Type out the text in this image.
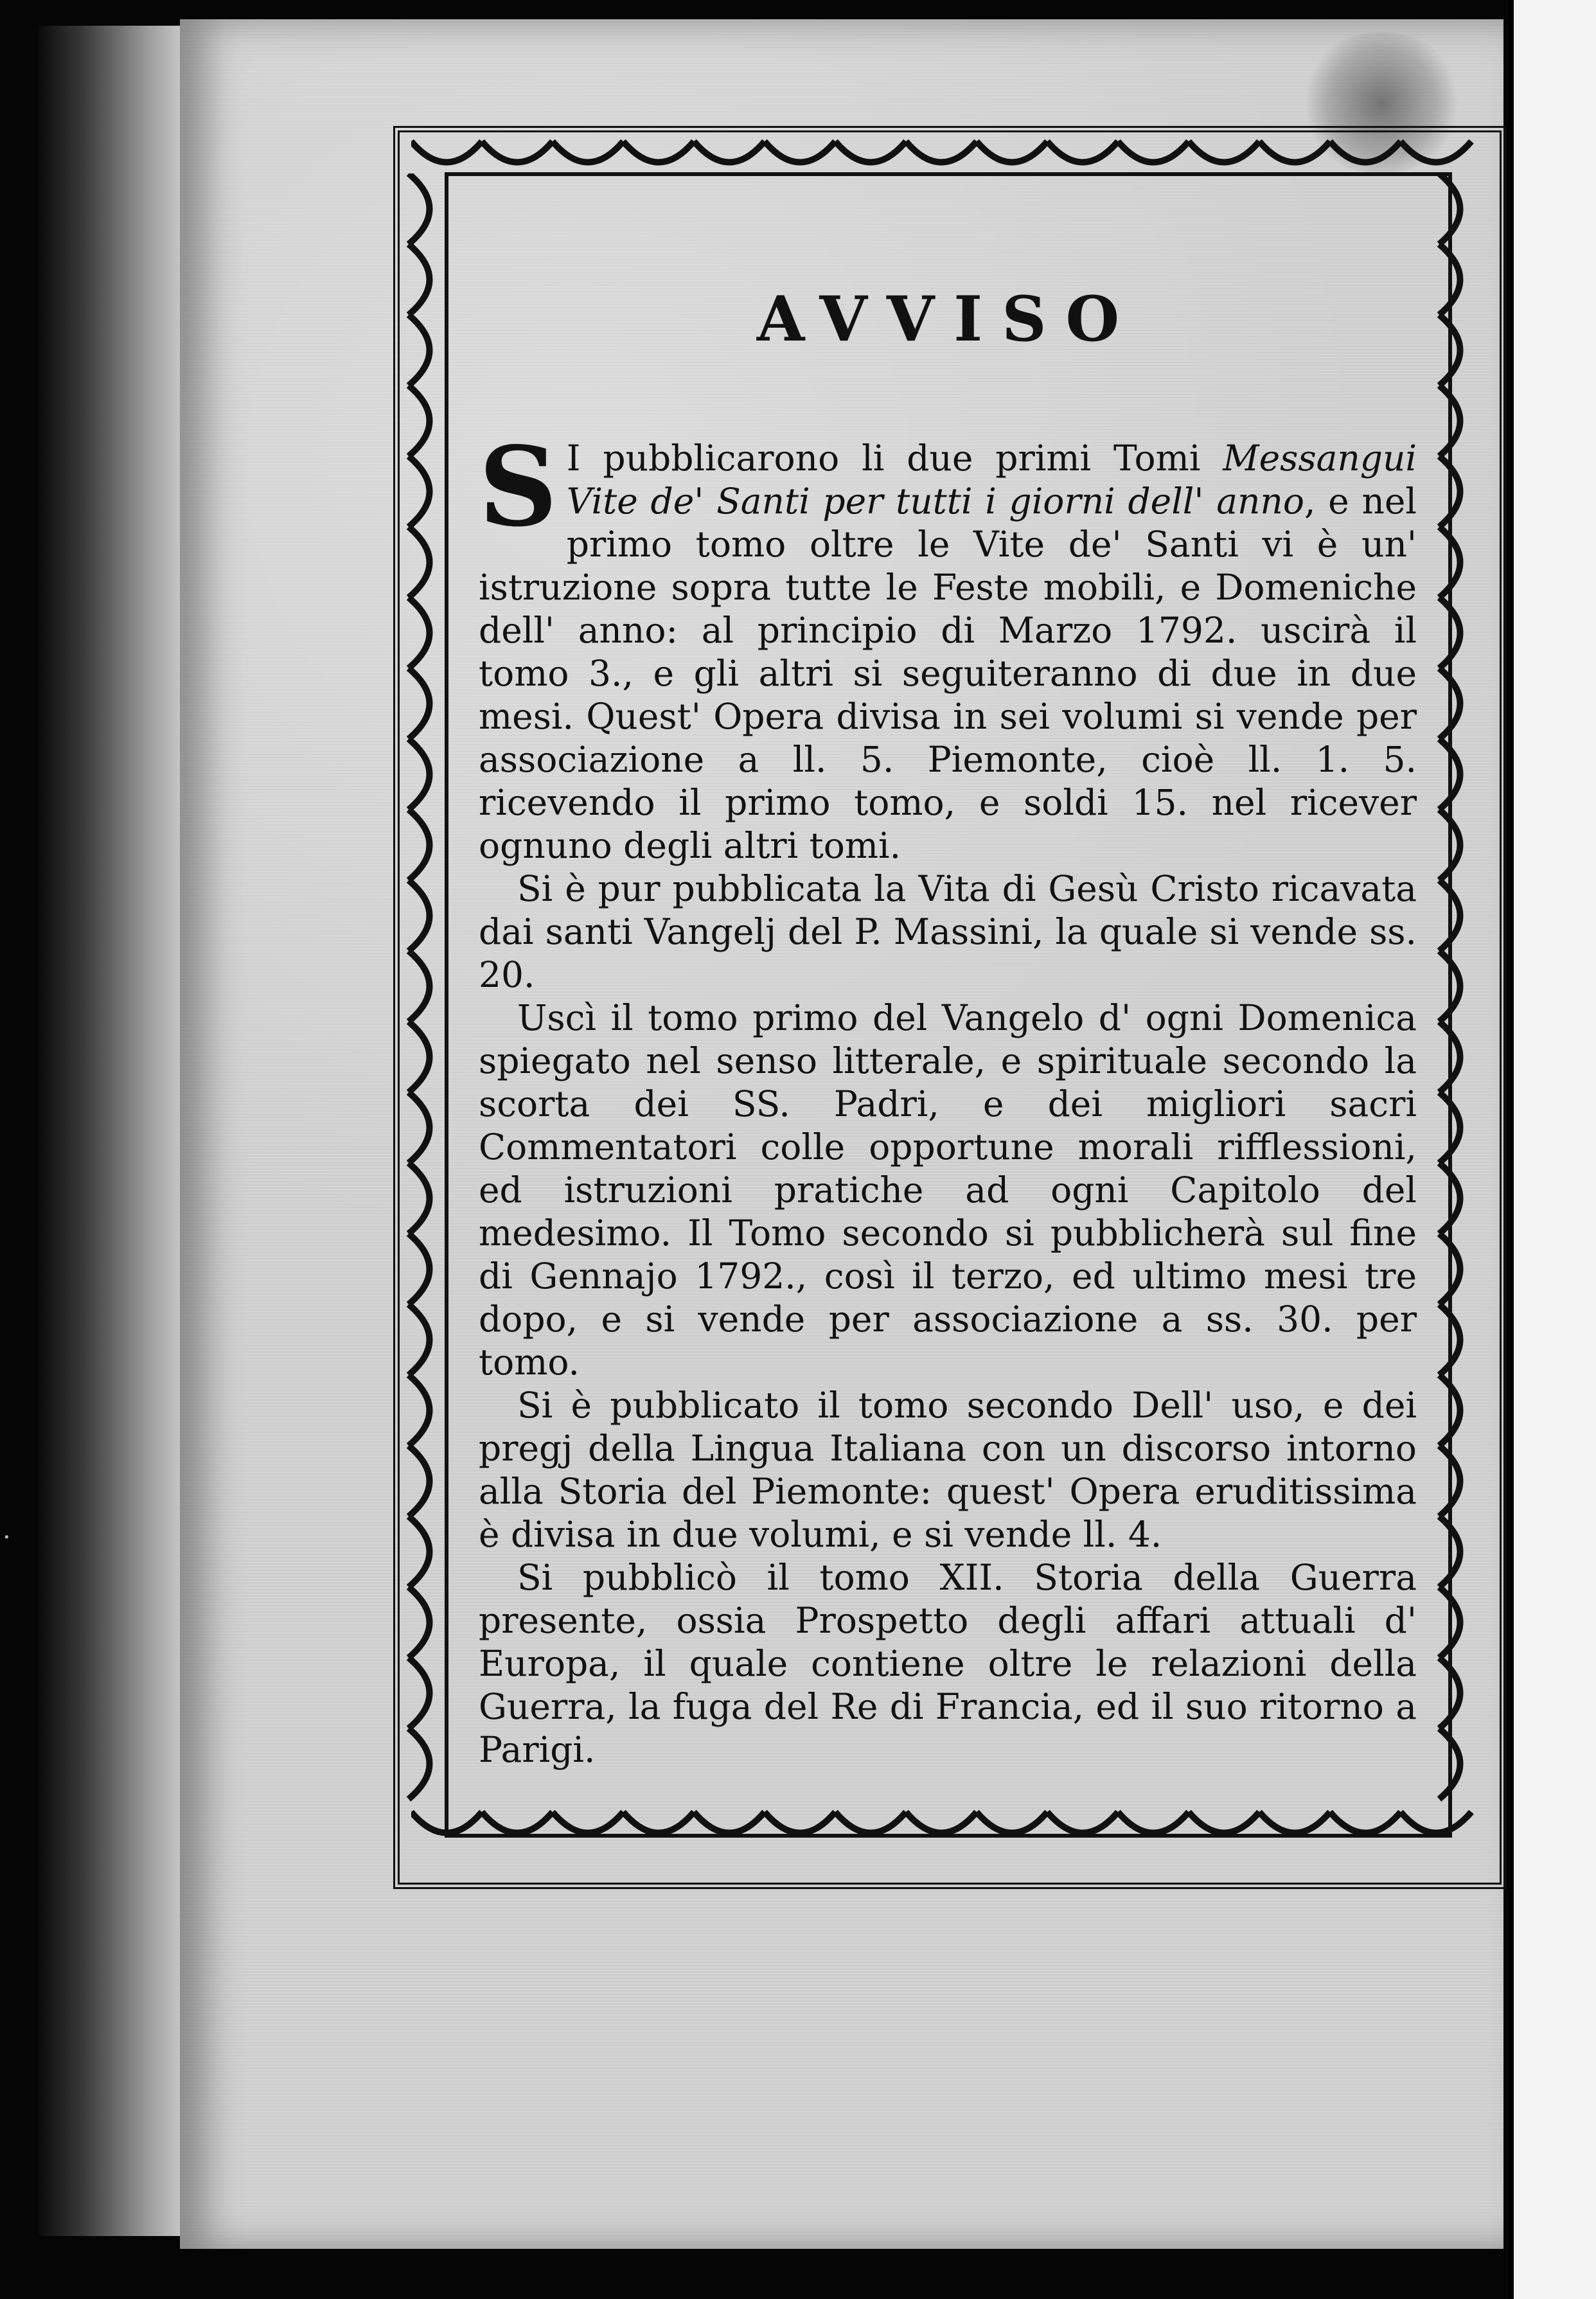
·
AVVISO

S I pubblicarono li due primi Tomi Messangui Vite de' Santi per tutti i giorni dell' anno, e nel primo tomo oltre le Vite de' Santi vi è un' istruzione sopra tutte le Feste mobili, e Domeniche dell' anno: al principio di Marzo 1792. uscirà il tomo 3., e gli altri si seguiteranno di due in due mesi. Quest' Opera divisa in sei volumi si vende per associazione a ll. 5. Piemonte, cioè ll. 1. 5. ricevendo il primo tomo, e soldi 15. nel ricever ognuno degli altri tomi.

Si è pur pubblicata la Vita di Gesù Cristo ricavata dai santi Vangelj del P. Massini, la quale si vende ss. 20.

Uscì il tomo primo del Vangelo d' ogni Domenica spiegato nel senso litterale, e spirituale secondo la scorta dei SS. Padri, e dei migliori sacri Commentatori colle opportune morali rifflessioni, ed istruzioni pratiche ad ogni Capitolo del medesimo. Il Tomo secondo si pubblicherà sul fine di Gennajo 1792., così il terzo, ed ultimo mesi tre dopo, e si vende per associazione a ss. 30. per tomo.

Si è pubblicato il tomo secondo Dell' uso, e dei pregj della Lingua Italiana con un discorso intorno alla Storia del Piemonte: quest' Opera eruditissima è divisa in due volumi, e si vende ll. 4.

Si pubblicò il tomo XII. Storia della Guerra presente, ossia Prospetto degli affari attuali d' Europa, il quale contiene oltre le relazioni della Guerra, la fuga del Re di Francia, ed il suo ritorno a Parigi.
